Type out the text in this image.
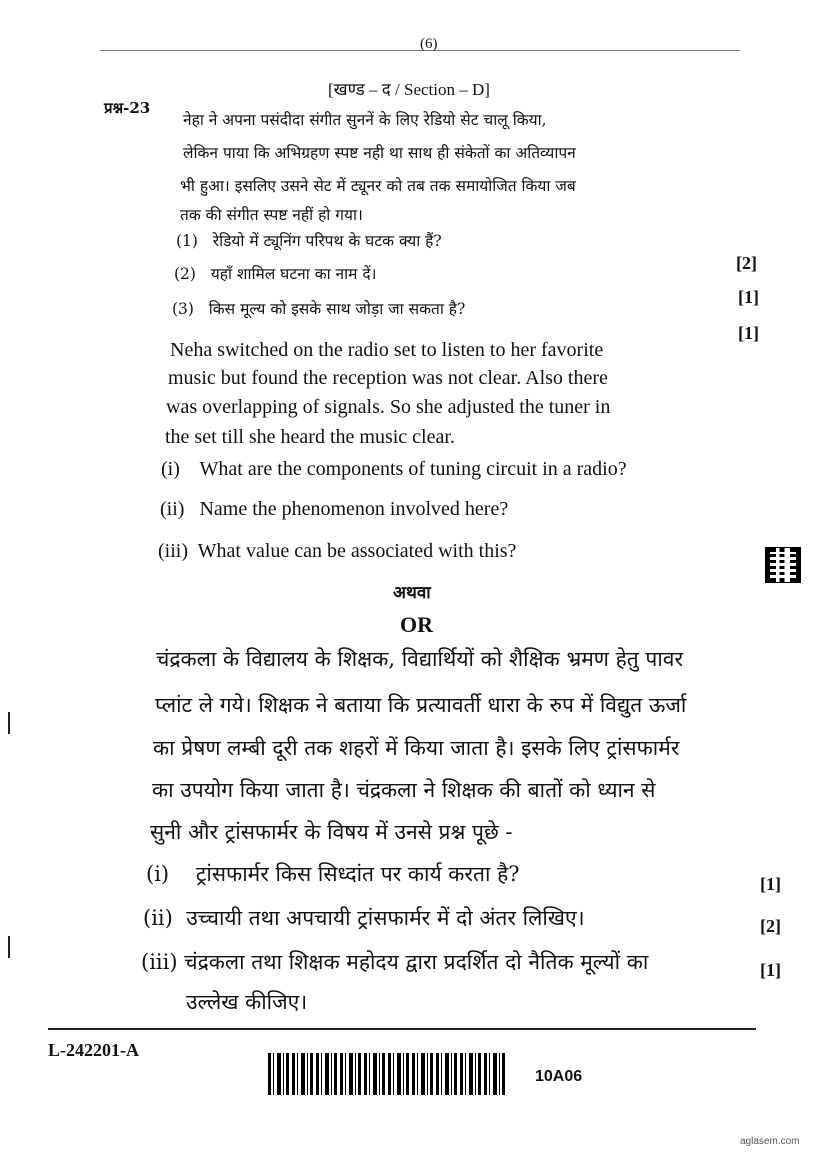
(6)
[खण्ड – द / Section – D]
प्रश्न-23
नेहा ने अपना पसंदीदा संगीत सुननें के लिए रेडियो सेट चालू किया,
लेकिन पाया कि अभिग्रहण स्पष्ट नही था साथ ही संकेतों का अतिव्यापन
भी हुआ। इसलिए उसने सेट में ट्यूनर को तब तक समायोजित किया जब
तक की संगीत स्पष्ट नहीं हो गया।
(1) रेडियो में ट्यूनिंग परिपथ के घटक क्या हैं?
(2) यहाँ शामिल घटना का नाम दें।
(3) किस मूल्य को इसके साथ जोड़ा जा सकता है?
[2]
[1]
[1]
Neha switched on the radio set to listen to her favorite
music but found the reception was not clear. Also there
was overlapping of signals. So she adjusted the tuner in
the set till she heard the music clear.
(i) What are the components of tuning circuit in a radio?
(ii) Name the phenomenon involved here?
(iii) What value can be associated with this?
अथवा
OR
चंद्रकला के विद्यालय के शिक्षक, विद्यार्थियों को शैक्षिक भ्रमण हेतु पावर
प्लांट ले गये। शिक्षक ने बताया कि प्रत्यावर्ती धारा के रुप में विद्युत ऊर्जा
का प्रेषण लम्बी दूरी तक शहरों में किया जाता है। इसके लिए ट्रांसफार्मर
का उपयोग किया जाता है। चंद्रकला ने शिक्षक की बातों को ध्यान से
सुनी और ट्रांसफार्मर के विषय में उनसे प्रश्न पूछे -
(i) ट्रांसफार्मर किस सिध्दांत पर कार्य करता है?
(ii) उच्चायी तथा अपचायी ट्रांसफार्मर में दो अंतर लिखिए।
(iii) चंद्रकला तथा शिक्षक महोदय द्वारा प्रदर्शित दो नैतिक मूल्यों का
उल्लेख कीजिए।
[1]
[2]
[1]
L-242201-A
10A06
aglasem.com
